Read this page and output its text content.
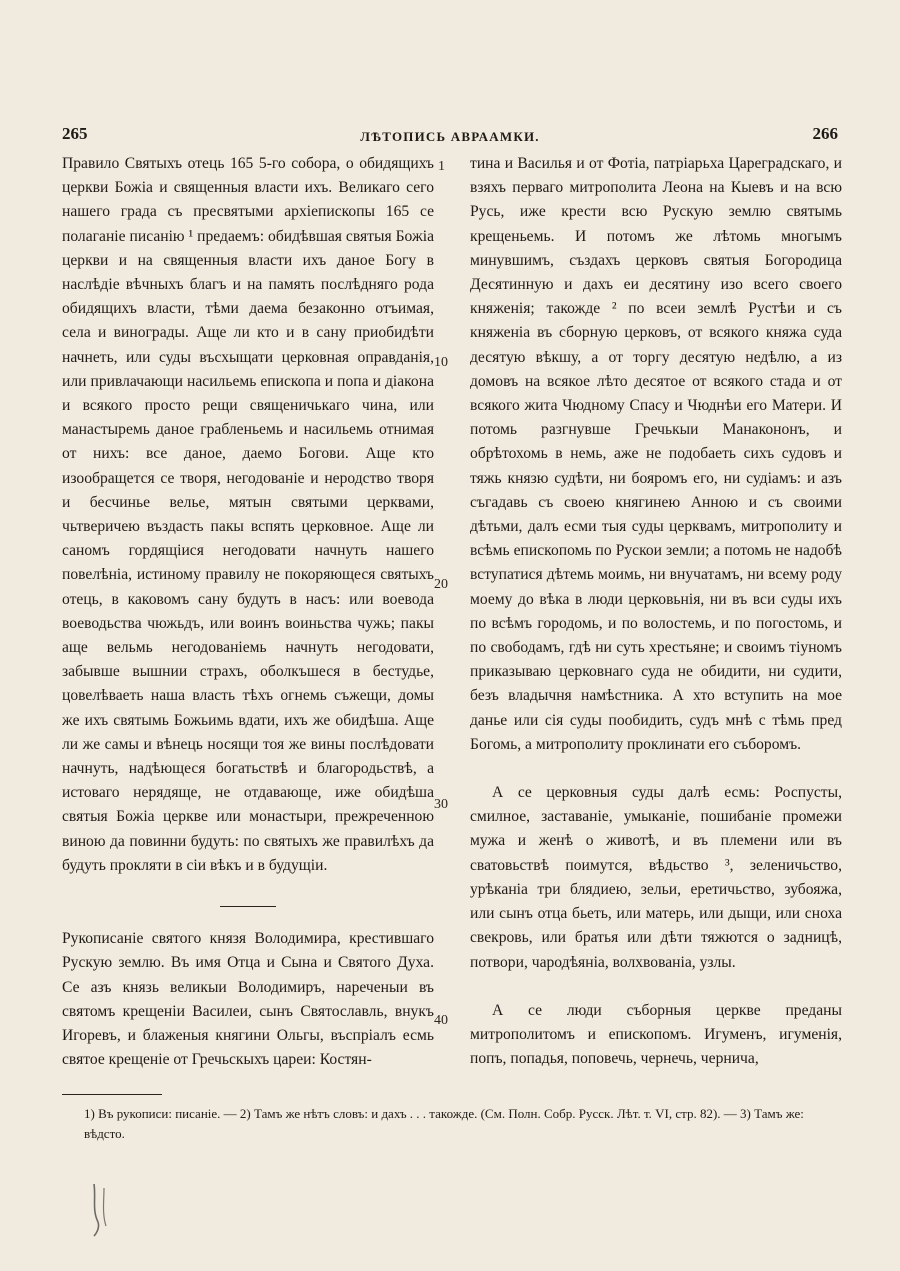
265	ЛѢТОПИСЬ АВРААМКИ.	266

Правило Святыхъ отець 165 5-го собора, о обидящихъ церкви Божіа и священныя власти ихъ. Великаго сего нашего града съ пресвятыми архіепископы 165 се полаганіе писанію ¹ предаемъ: обидѣвшая святыя Божіа церкви и на священныя власти ихъ даное Богу в наслѣдіе вѣчныхъ благъ и на память послѣдняго рода обидящихъ власти, тѣми даема безаконно отъимая, села и винограды. Аще ли кто и в сану приобидѣти начнеть, или суды въсхыщати церковная оправданія, или привлачающи насильемь епископа и попа и діакона и всякого просто рещи священичькаго чина, или манастыремь даное грабленьемь и насильемь отнимая от нихъ: все даное, даемо Богови. Аще кто изообращется се творя, негодованіе и неродство творя и бесчинье велье, мятын святыми церквами, чьтверичею въздасть пакы вспять церковное. Аще ли саномъ гордящіися негодовати начнуть нашего повелѣніа, истиному правилу не покоряющеся святыхъ отець, в каковомъ сану будуть в насъ: или воевода воеводьства чюжьдъ, или воинъ воиньства чужь; пакы аще вельмь негодованіемь начнуть негодовати, забывше вышнии страхъ, оболкъшеся в бестудье, цовелѣваеть наша власть тѣхъ огнемь съжещи, домы же ихъ святымь Божьимь вдати, ихъ же обидѣша. Аще ли же самы и вѣнець носящи тоя же вины послѣдовати начнуть, надѣющеся богатьствѣ и благородьствѣ, а истоваго нерядяще, не отдавающе, иже обидѣша святыя Божіа церкве или монастыри, прежреченною виною да повинни будуть: по святыхъ же правилѣхъ да будуть прокляти в сіи вѣкъ и в будущіи.

Рукописаніе святого князя Володимира, крестившаго Рускую землю. Въ имя Отца и Сына и Святого Духа. Се азъ князь великыи Володимиръ, нареченыи въ святомъ крещеніи Василеи, сынъ Святославль, внукъ Игоревъ, и блаженыя княгини Ольгы, въспріалъ есмь святое крещеніе от Гречьскыхъ цареи: Костян-

тина и Василья и от Фотіа, патріарьха Цареградскаго, и взяхъ перваго митрополита Леона на Кыевъ и на всю Русь, иже крести всю Рускую землю святымь крещеньемь. И потомъ же лѣтомь многымъ минувшимъ, създахъ церковъ святыя Богородица Десятинную и дахъ еи десятину изо всего своего княженія; такожде ² по всеи землѣ Рустѣи и съ княженіа въ сборную церковъ, от всякого княжа суда десятую вѣкшу, а от торгу десятую недѣлю, а из домовъ на всякое лѣто десятое от всякого стада и от всякого жита Чюдному Спасу и Чюднѣи его Матери. И потомь разгнувше Гречькыи Манакононъ, и обрѣтохомь в немь, аже не подобаеть сихъ судовъ и тяжь князю судѣти, ни бояромъ его, ни судіамъ: и азъ съгадавь съ своею княгинею Анною и съ своими дѣтьми, далъ есми тыя суды церквамъ, митрополиту и всѣмь епископомь по Рускои земли; а потомь не надобѣ вступатися дѣтемь моимь, ни внучатамъ, ни всему роду моему до вѣка в люди церковьнія, ни въ вси суды ихъ по всѣмъ городомь, и по волостемь, и по погостомь, и по свободамъ, гдѣ ни суть хрестьяне; и своимъ тіуномъ приказываю церковнаго суда не обидити, ни судити, безъ владычня намѣстника. А хто вступить на мое данье или сія суды пообидить, судъ мнѣ с тѣмь пред Богомь, а митрополиту проклинати его съборомъ.

А се церковныя суды далѣ есмь: Роспусты, смилное, заставаніе, умыканіе, пошибаніе промежи мужа и женѣ о животѣ, и въ племени или въ сватовьствѣ поимутся, вѣдьство ³, зеленичьство, урѣканіа три блядиею, зельи, еретичьство, зубояжа, или сынъ отца бьеть, или матерь, или дыщи, или сноха свекровь, или братья или дѣти тяжются о задницѣ, потвори, чародѣяніа, волхвованіа, узлы.

А се люди съборныя церкве преданы митрополитомъ и епископомъ. Игуменъ, игуменія, попъ, попадья, поповечь, чернечь, чернича,

1
10
20
30
40
1) Въ рукописи: писаніе. — 2) Тамъ же нѣтъ словъ: и дахъ . . . такожде. (См. Полн. Собр. Русск. Лѣт. т. VI, стр. 82). — 3) Тамъ же: вѣдсто.
